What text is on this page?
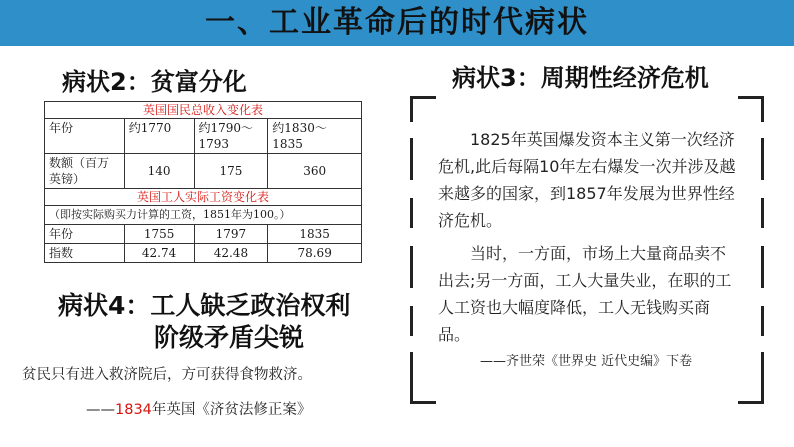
一、工业革命后的时代病状
病状2：贫富分化	病状3：周期性经济危机
病状4：工人缺乏政治权利
阶级矛盾尖锐
英国国民总收入变化表			
年份	约1770	约1790～1793	约1830～1835
数额（百万英镑）	140	175	360
英国工人实际工资变化表			
（即按实际购买力计算的工资，1851年为100。）			
年份	1755	1797	1835
指数	42.74	42.48	78.69
贫民只有进入救济院后，方可获得食物救济。
——1834年英国《济贫法修正案》
1825年英国爆发资本主义第一次经济危机,此后每隔10年左右爆发一次并涉及越来越多的国家，到1857年发展为世界性经济危机。
当时，一方面，市场上大量商品卖不出去;另一方面，工人大量失业，在职的工人工资也大幅度降低，工人无钱购买商品。
——齐世荣《世界史 近代史编》下卷
